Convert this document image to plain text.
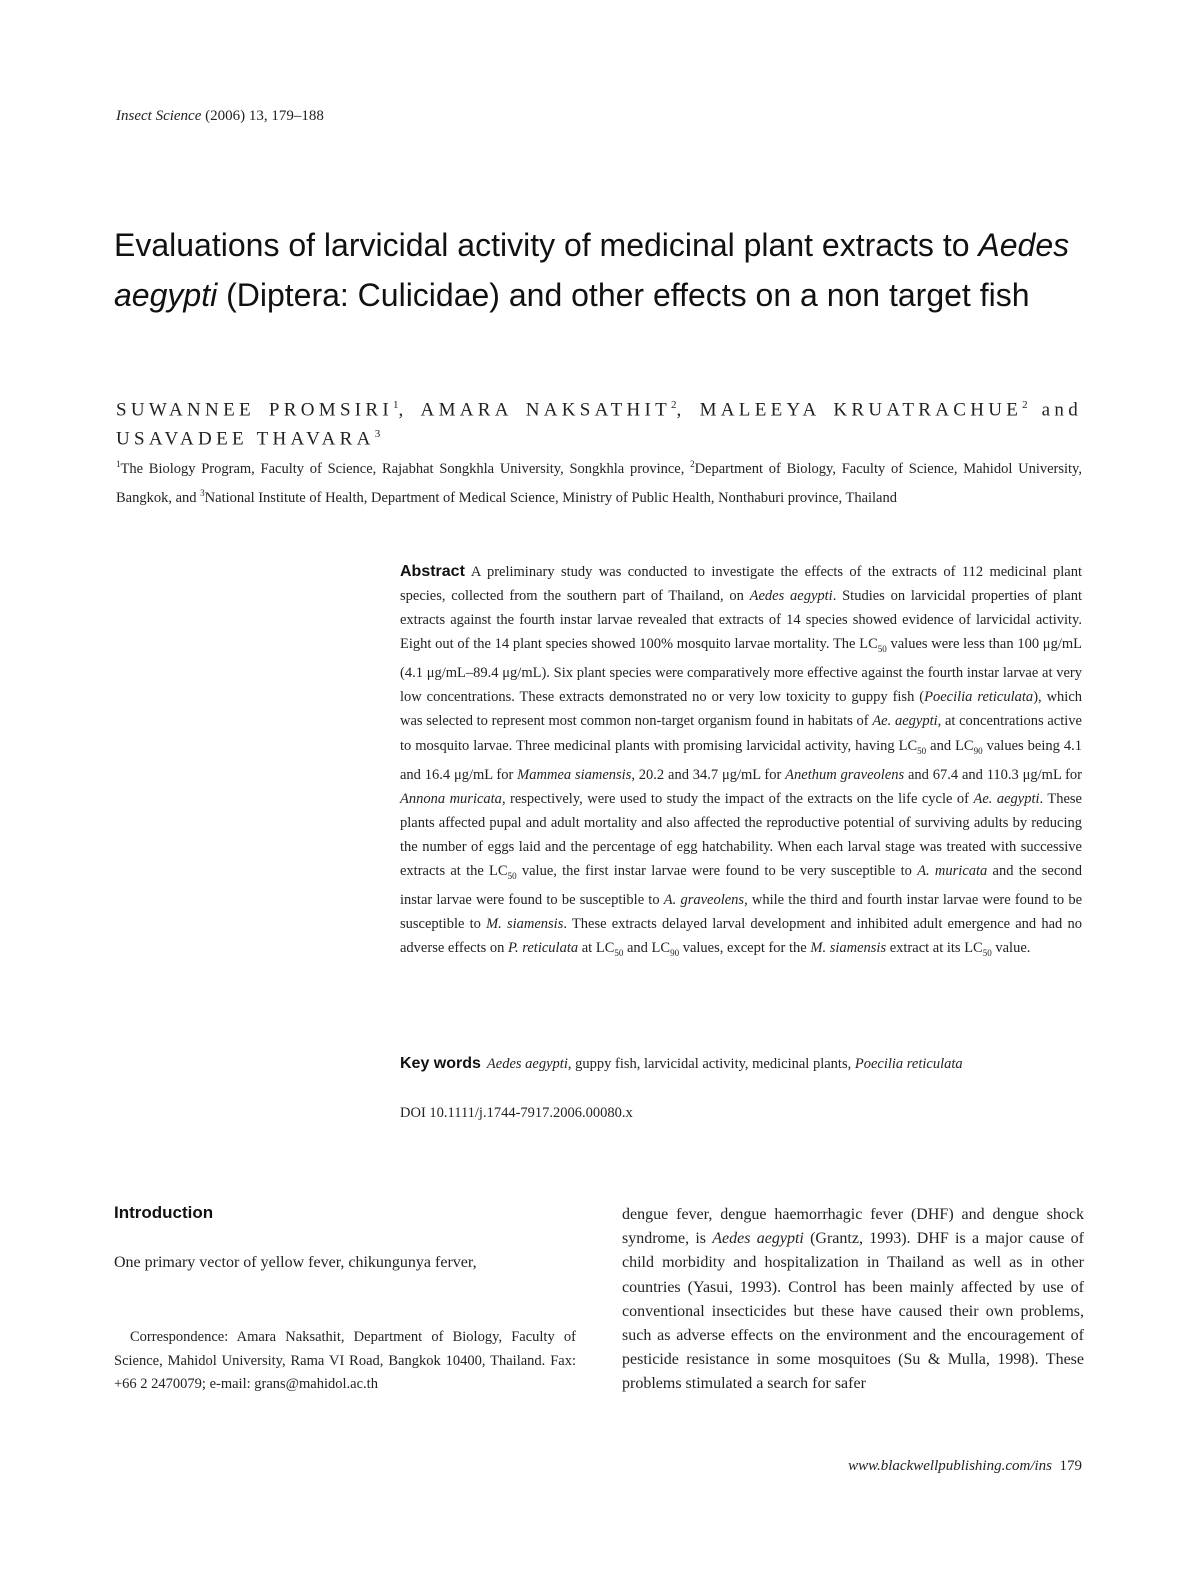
Insect Science (2006) 13, 179–188
Evaluations of larvicidal activity of medicinal plant extracts to Aedes aegypti (Diptera: Culicidae) and other effects on a non target fish
SUWANNEE PROMSIRI$^1$, AMARA NAKSATHIT$^2$, MALEEYA KRUATRACHUE$^2$ and USAVADEE THAVARA$^3$
$^1$The Biology Program, Faculty of Science, Rajabhat Songkhla University, Songkhla province, $^2$Department of Biology, Faculty of Science, Mahidol University, Bangkok, and $^3$National Institute of Health, Department of Medical Science, Ministry of Public Health, Nonthaburi province, Thailand
Abstract A preliminary study was conducted to investigate the effects of the extracts of 112 medicinal plant species, collected from the southern part of Thailand, on Aedes aegypti. Studies on larvicidal properties of plant extracts against the fourth instar larvae revealed that extracts of 14 species showed evidence of larvicidal activity. Eight out of the 14 plant species showed 100% mosquito larvae mortality. The $LC_{50}$ values were less than 100 μg/mL (4.1 μg/mL–89.4 μg/mL). Six plant species were comparatively more effective against the fourth instar larvae at very low concentrations. These extracts demonstrated no or very low toxicity to guppy fish (Poecilia reticulata), which was selected to represent most common non-target organism found in habitats of Ae. aegypti, at concentrations active to mosquito larvae. Three medicinal plants with promising larvicidal activity, having $LC_{50}$ and $LC_{90}$ values being 4.1 and 16.4 μg/mL for Mammea siamensis, 20.2 and 34.7 μg/mL for Anethum graveolens and 67.4 and 110.3 μg/mL for Annona muricata, respectively, were used to study the impact of the extracts on the life cycle of Ae. aegypti. These plants affected pupal and adult mortality and also affected the reproductive potential of surviving adults by reducing the number of eggs laid and the percentage of egg hatchability. When each larval stage was treated with successive extracts at the $LC_{50}$ value, the first instar larvae were found to be very susceptible to A. muricata and the second instar larvae were found to be susceptible to A. graveolens, while the third and fourth instar larvae were found to be susceptible to M. siamensis. These extracts delayed larval development and inhibited adult emergence and had no adverse effects on P. reticulata at $LC_{50}$ and $LC_{90}$ values, except for the M. siamensis extract at its $LC_{50}$ value.
Key words Aedes aegypti, guppy fish, larvicidal activity, medicinal plants, Poecilia reticulata
DOI 10.1111/j.1744-7917.2006.00080.x
Introduction
One primary vector of yellow fever, chikungunya ferver,
Correspondence: Amara Naksathit, Department of Biology, Faculty of Science, Mahidol University, Rama VI Road, Bangkok 10400, Thailand. Fax: +66 2 2470079; e-mail: grans@mahidol.ac.th
dengue fever, dengue haemorrhagic fever (DHF) and dengue shock syndrome, is Aedes aegypti (Grantz, 1993). DHF is a major cause of child morbidity and hospitalization in Thailand as well as in other countries (Yasui, 1993). Control has been mainly affected by use of conventional insecticides but these have caused their own problems, such as adverse effects on the environment and the encouragement of pesticide resistance in some mosquitoes (Su & Mulla, 1998). These problems stimulated a search for safer
www.blackwellpublishing.com/ins 179
